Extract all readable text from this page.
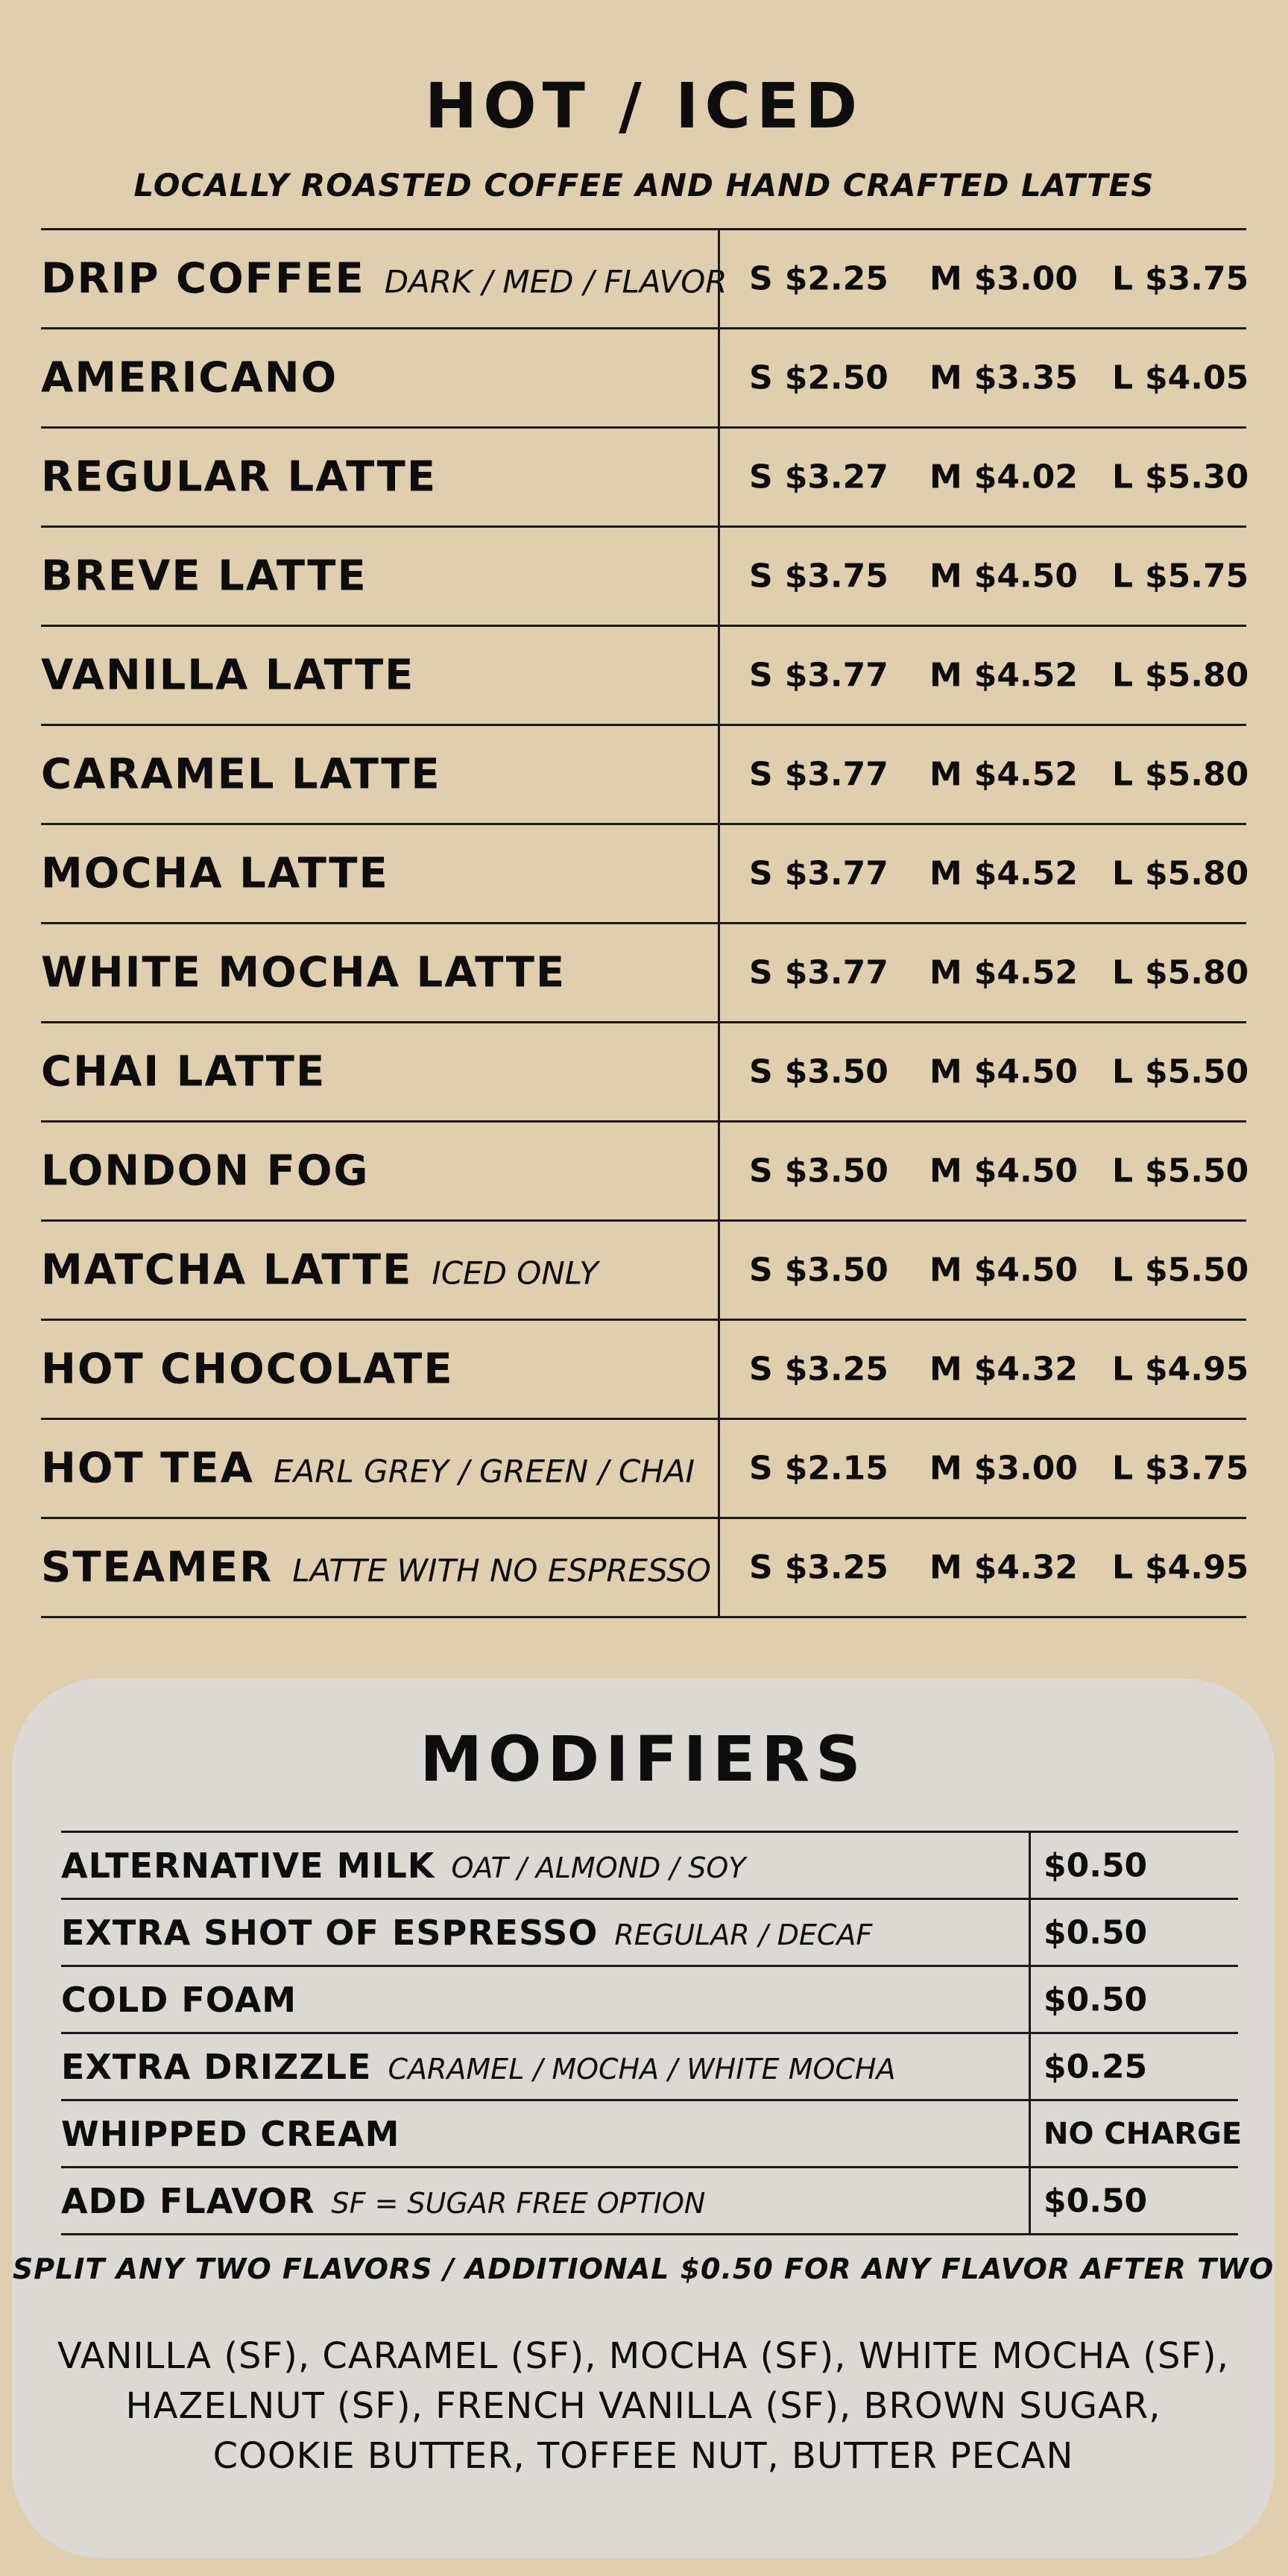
HOT / ICED
LOCALLY ROASTED COFFEE AND HAND CRAFTED LATTES
DRIP COFFEE DARK / MED / FLAVOR S $2.25 M $3.00 L $3.75
AMERICANO	S $2.50 M $3.35 L $4.05
REGULAR LATTE	S $3.27 M $4.02 L $5.30
BREVE LATTE	S $3.75 M $4.50 L $5.75
VANILLA LATTE	S $3.77 M $4.52 L $5.80
CARAMEL LATTE	S $3.77 M $4.52 L $5.80
MOCHA LATTE	S $3.77 M $4.52 L $5.80
WHITE MOCHA LATTE	S $3.77 M $4.52 L $5.80
CHAI LATTE	S $3.50 M $4.50 L $5.50
LONDON FOG	S $3.50 M $4.50 L $5.50
MATCHA LATTE ICED ONLY	S $3.50 M $4.50 L $5.50
HOT CHOCOLATE	S $3.25 M $4.32 L $4.95
HOT TEA EARL GREY / GREEN / CHAI S $2.15 M $3.00 L $3.75
STEAMER LATTE WITH NO ESPRESSO S $3.25 M $4.32 L $4.95
MODIFIERS
ALTERNATIVE MILK OAT / ALMOND / SOY	$0.50
EXTRA SHOT OF ESPRESSO REGULAR / DECAF	$0.50
COLD FOAM	$0.50
EXTRA DRIZZLE CARAMEL / MOCHA / WHITE MOCHA	$0.25
WHIPPED CREAM	NO CHARGE
ADD FLAVOR SF = SUGAR FREE OPTION	$0.50
SPLIT ANY TWO FLAVORS / ADDITIONAL $0.50 FOR ANY FLAVOR AFTER TWO
VANILLA (SF), CARAMEL (SF), MOCHA (SF), WHITE MOCHA (SF),
HAZELNUT (SF), FRENCH VANILLA (SF), BROWN SUGAR,
COOKIE BUTTER, TOFFEE NUT, BUTTER PECAN
